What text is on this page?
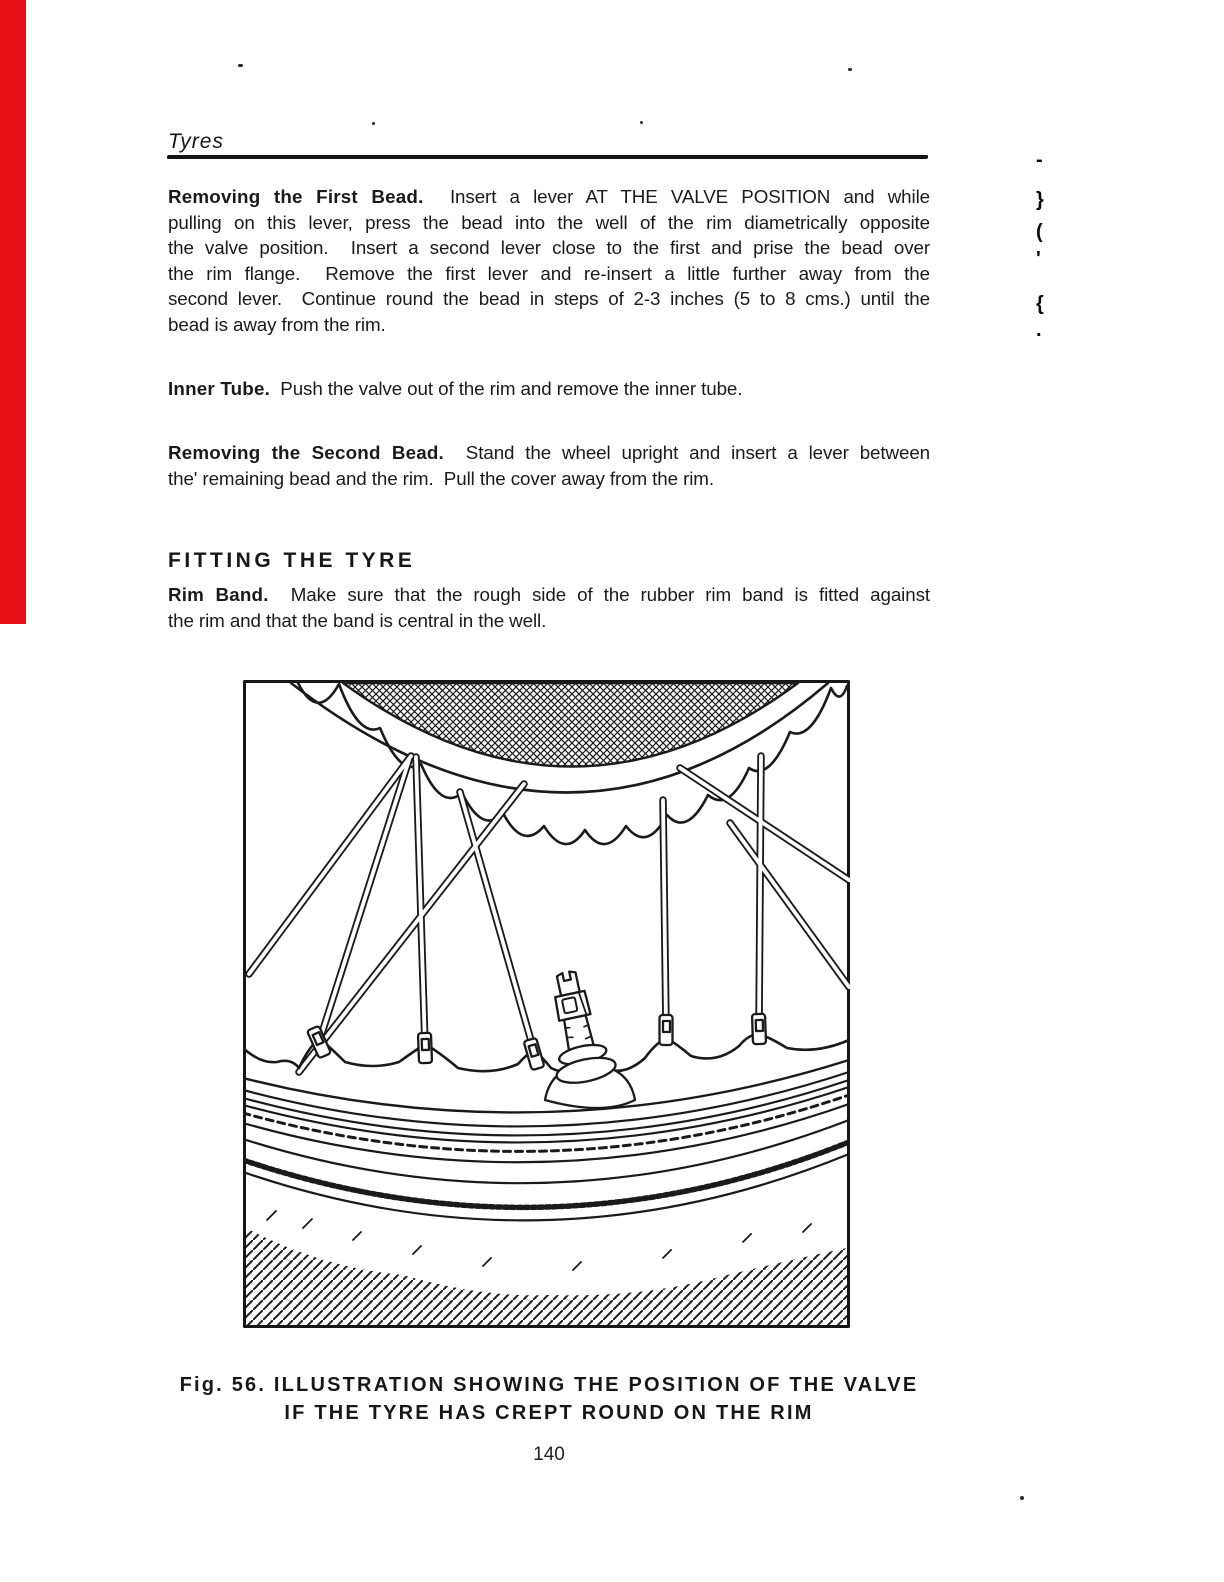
Tyres
Removing the First Bead.  Insert a lever AT THE VALVE POSITION and while
pulling on this lever, press the bead into the well of the rim diametrically opposite
the valve position.  Insert a second lever close to the first and prise the bead over
the rim flange.  Remove the first lever and re-insert a little further away from the
second lever.  Continue round the bead in steps of 2-3 inches (5 to 8 cms.) until the
bead is away from the rim.
Inner Tube.  Push the valve out of the rim and remove the inner tube.
Removing the Second Bead.  Stand the wheel upright and insert a lever between
the' remaining bead and the rim.  Pull the cover away from the rim.
FITTING THE TYRE
Rim Band.  Make sure that the rough side of the rubber rim band is fitted against
the rim and that the band is central in the well.
Fig. 56. ILLUSTRATION SHOWING THE POSITION OF THE VALVE
IF THE TYRE HAS CREPT ROUND ON THE RIM
140
-
}
(
'
{
.
